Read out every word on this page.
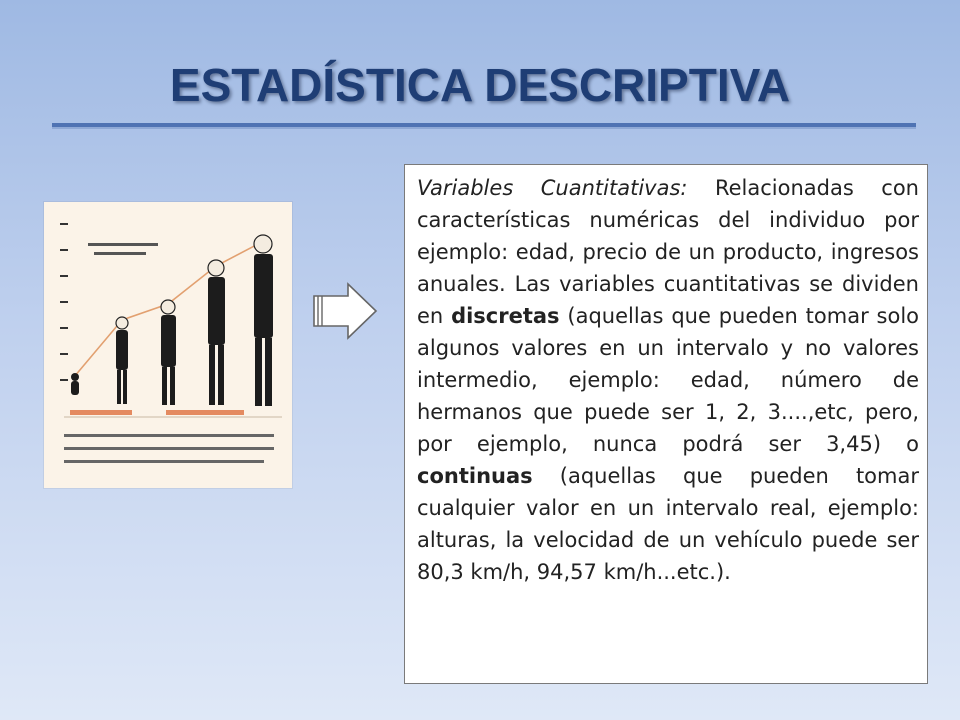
ESTADÍSTICA DESCRIPTIVA

Variables Cuantitativas: Relacionadas con características numéricas del individuo por ejemplo: edad, precio de un producto, ingresos anuales. Las variables cuantitativas se dividen en discretas (aquellas que pueden tomar solo algunos valores en un intervalo y no valores intermedio, ejemplo: edad, número de hermanos que puede ser 1, 2, 3....,etc, pero, por ejemplo, nunca podrá ser 3,45) o continuas (aquellas que pueden tomar cualquier valor en un intervalo real, ejemplo: alturas, la velocidad de un vehículo puede ser 80,3 km/h, 94,57 km/h...etc.).
